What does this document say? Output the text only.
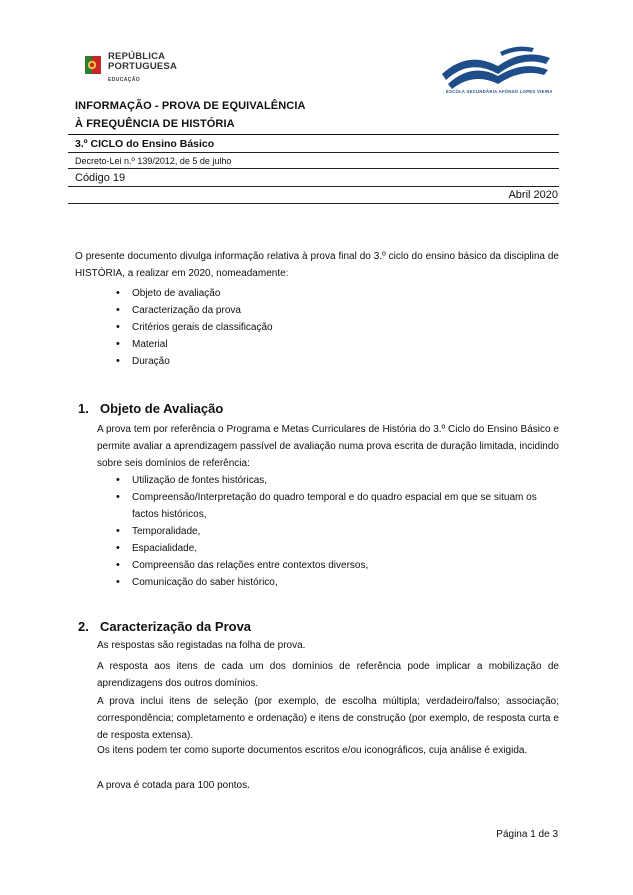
REPÚBLICA
PORTUGUESA
EDUCAÇÃO
ESCOLA SECUNDÁRIA AFONSO LOPES VIEIRA
INFORMAÇÃO - PROVA DE EQUIVALÊNCIA
À FREQUÊNCIA DE HISTÓRIA
3.º CICLO do Ensino Básico
Decreto-Lei n.º 139/2012, de 5 de julho
Código 19
Abril 2020
O presente documento divulga informação relativa à prova final do 3.º ciclo do ensino básico da disciplina de HISTÓRIA, a realizar em 2020, nomeadamente:
• Objeto de avaliação
• Caracterização da prova
• Critérios gerais de classificação
• Material
• Duração
1. Objeto de Avaliação
A prova tem por referência o Programa e Metas Curriculares de História do 3.º Ciclo do Ensino Básico e permite avaliar a aprendizagem passível de avaliação numa prova escrita de duração limitada, incidindo sobre seis domínios de referência:
• Utilização de fontes históricas,
• Compreensão/Interpretação do quadro temporal e do quadro espacial em que se situam os factos históricos,
• Temporalidade,
• Espacialidade,
• Compreensão das relações entre contextos diversos,
• Comunicação do saber histórico,
2. Caracterização da Prova
As respostas são registadas na folha de prova.
A resposta aos itens de cada um dos domínios de referência pode implicar a mobilização de aprendizagens dos outros domínios.
A prova inclui itens de seleção (por exemplo, de escolha múltipla; verdadeiro/falso; associação; correspondência; completamento e ordenação) e itens de construção (por exemplo, de resposta curta e de resposta extensa).
Os itens podem ter como suporte documentos escritos e/ou iconográficos, cuja análise é exigida.
A prova é cotada para 100 pontos.
Página 1 de 3
